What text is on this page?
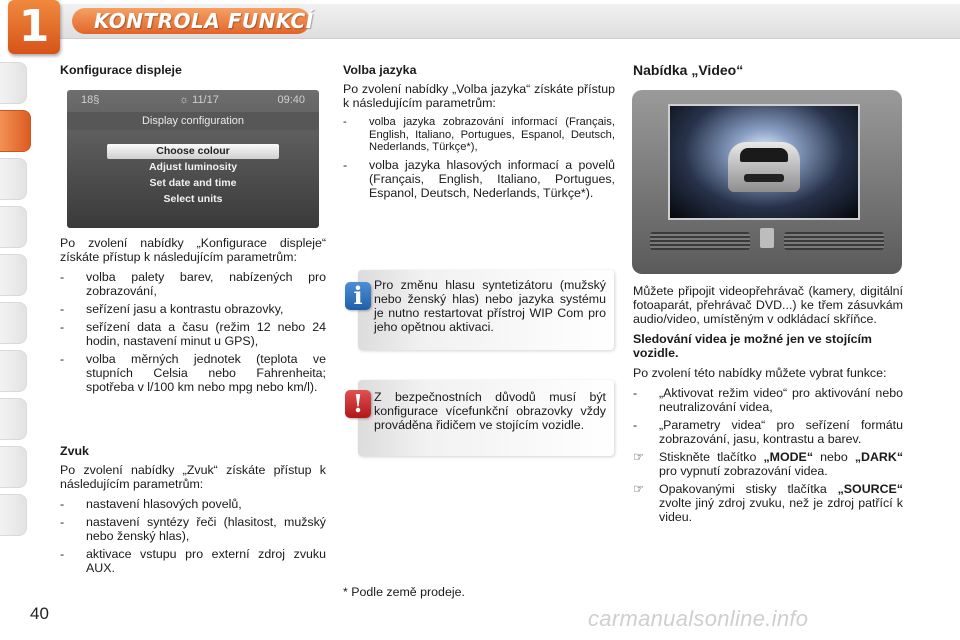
1 KONTROLA FUNKCÍ
Konfigurace displeje
18§	☼ 11/17	09:40
Display configuration
Choose colour
Adjust luminosity
Set date and time
Select units

Po zvolení nabídky „Konfigurace displeje“ získáte přístup k následujícím parametrům:

-	volba palety barev, nabízených pro zobrazování,
-	seřízení jasu a kontrastu obrazovky,
-	seřízení data a času (režim 12 nebo 24 hodin, nastavení minut u GPS),
-	volba měrných jednotek (teplota ve stupních Celsia nebo Fahrenheita; spotřeba v l/100 km nebo mpg nebo km/l).
Zvuk

Po zvolení nabídky „Zvuk“ získáte přístup k následujícím parametrům:

-	nastavení hlasových povelů,
-	nastavení syntézy řeči (hlasitost, mužský nebo ženský hlas),
-	aktivace vstupu pro externí zdroj zvuku AUX.
Volba jazyka

Po zvolení nabídky „Volba jazyka“ získáte přístup k následujícím parametrům:

-	volba jazyka zobrazování informací (Français, English, Italiano, Portugues, Espanol, Deutsch, Nederlands, Türkçe*),
-	volba jazyka hlasových informací a povelů (Français, English, Italiano, Portugues, Espanol, Deutsch, Nederlands, Türkçe*).
i Pro změnu hlasu syntetizátoru (mužský nebo ženský hlas) nebo jazyka systému je nutno restartovat přístroj WIP Com pro jeho opětnou aktivaci.
! Z bezpečnostních důvodů musí být konfigurace vícefunkční obrazovky vždy prováděna řidičem ve stojícím vozidle.
* Podle země prodeje.
Nabídka „Video“

Můžete připojit videopřehrávač (kamery, digitální fotoaparát, přehrávač DVD...) ke třem zásuvkám audio/video, umístěným v odkládací skříňce.

Sledování videa je možné jen ve stojícím vozidle.

Po zvolení této nabídky můžete vybrat funkce:

-	„Aktivovat režim video“ pro aktivování nebo neutralizování videa,
-	„Parametry videa“ pro seřízení formátu zobrazování, jasu, kontrastu a barev.
☞	Stiskněte tlačítko „MODE“ nebo „DARK“ pro vypnutí zobrazování videa.
☞	Opakovanými stisky tlačítka „SOURCE“ zvolte jiný zdroj zvuku, než je zdroj patřící k videu.
40	carmanualsonline.info
